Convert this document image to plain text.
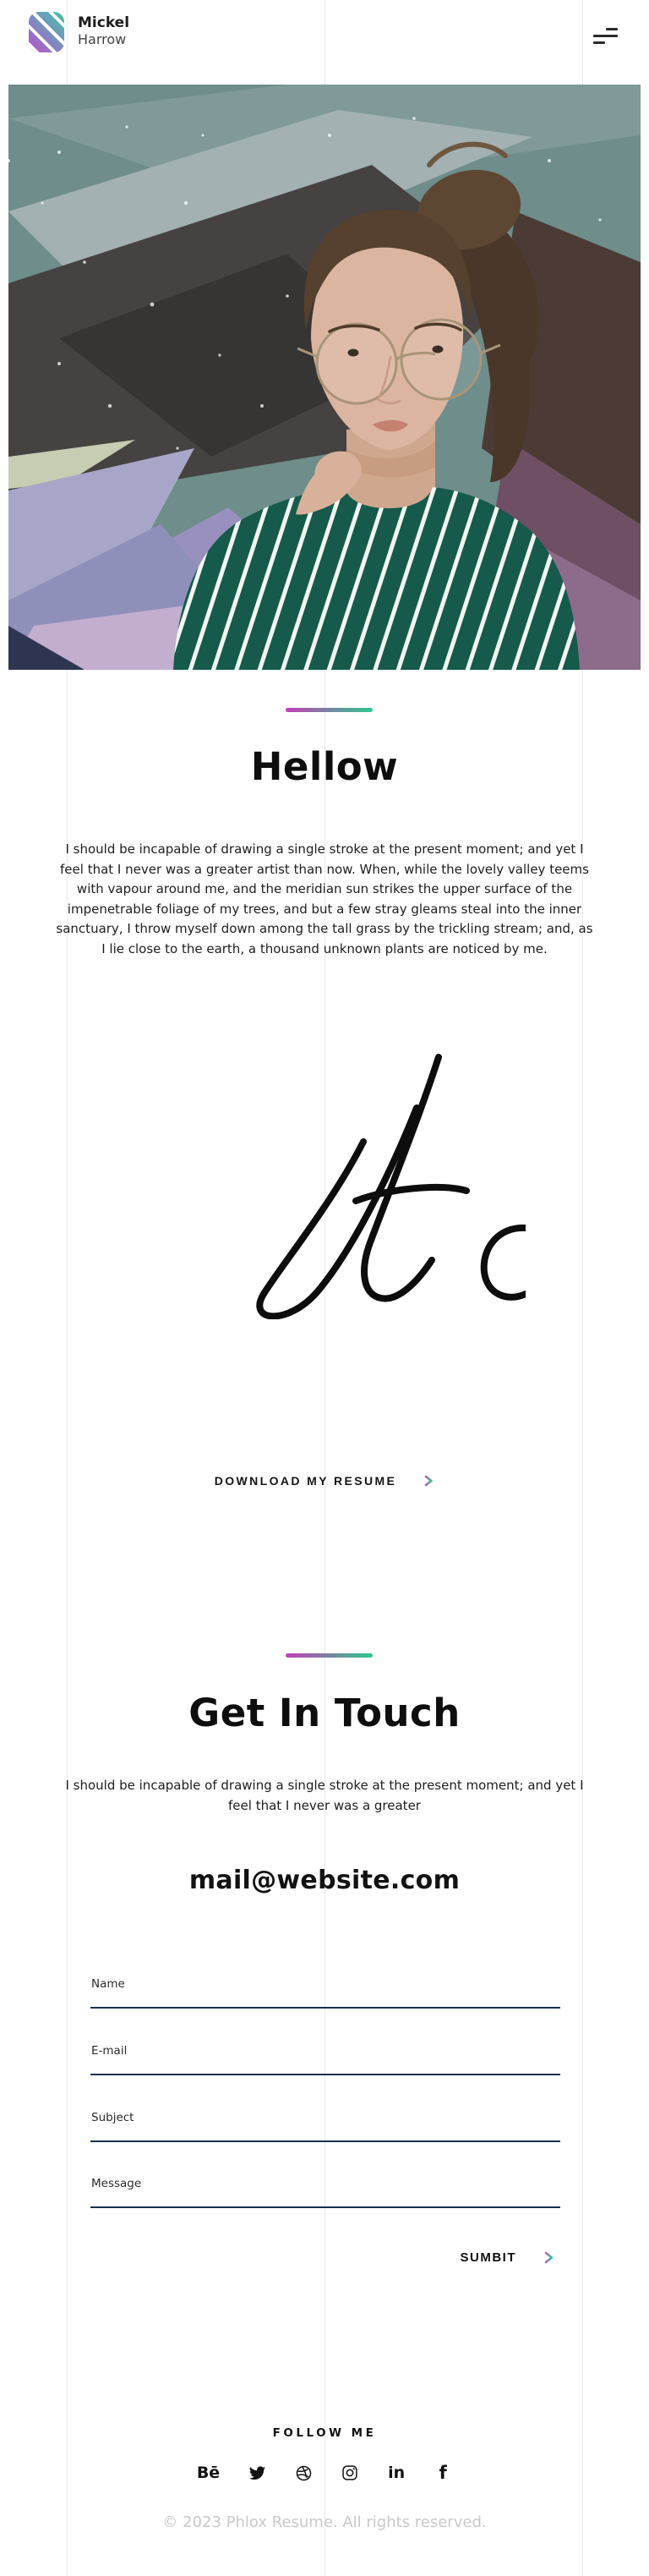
Mickel
Harrow
Hellow
I should be incapable of drawing a single stroke at the present moment; and yet I feel that I never was a greater artist than now. When, while the lovely valley teems with vapour around me, and the meridian sun strikes the upper surface of the impenetrable foliage of my trees, and but a few stray gleams steal into the inner sanctuary, I throw myself down among the tall grass by the trickling stream; and, as I lie close to the earth, a thousand unknown plants are noticed by me.
DOWNLOAD MY RESUME
Get In Touch
I should be incapable of drawing a single stroke at the present moment; and yet I feel that I never was a greater
mail@website.com
Name
E-mail
Subject
Message
SUMBIT
FOLLOW ME
Bē	in f
© 2023 Phlox Resume. All rights reserved.
